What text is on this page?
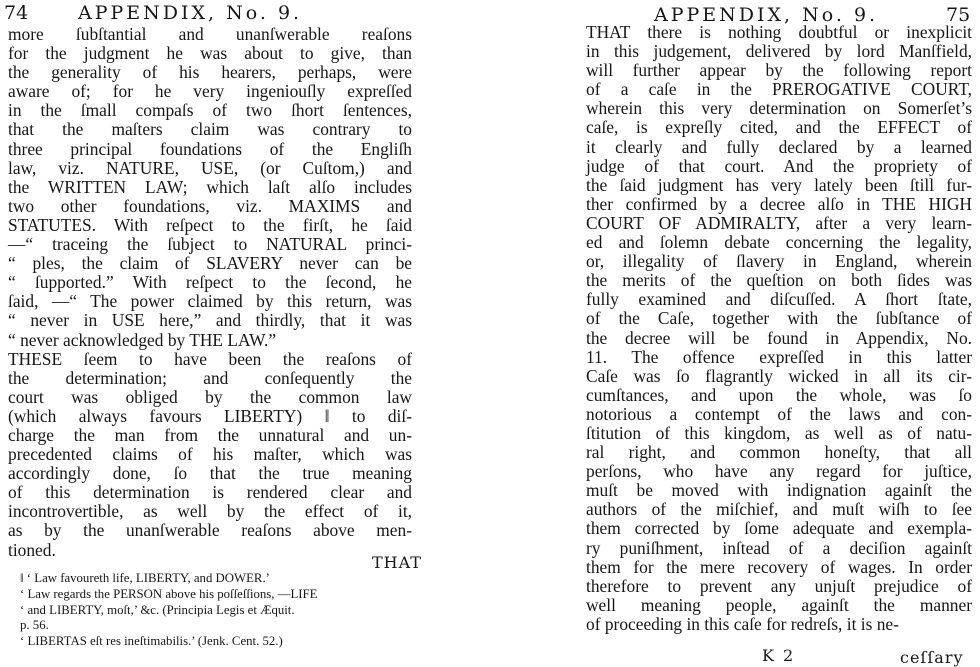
74	APPENDIX, No. 9.
more ſubſtantial and unanſwerable reaſons
for the judgment he was about to give, than
the generality of his hearers, perhaps, were
aware of; for he very ingeniouſly expreſſed
in the ſmall compaſs of two ſhort ſentences,
that the maſters claim was contrary to
three principal foundations of the Engliſh
law, viz. NATURE, USE, (or Cuſtom,) and
the WRITTEN LAW; which laſt alſo includes
two other foundations, viz. MAXIMS and
STATUTES. With reſpect to the firſt, he ſaid
—“ traceing the ſubject to NATURAL princi-
“ ples, the claim of SLAVERY never can be
“ ſupported.” With reſpect to the ſecond, he
ſaid, —“ The power claimed by this return, was
“ never in USE here,” and thirdly, that it was
“ never acknowledged by THE LAW.”
THESE ſeem to have been the reaſons of
the determination; and conſequently the
court was obliged by the common law
(which always favours LIBERTY) ‖ to diſ-
charge the man from the unnatural and un-
precedented claims of his maſter, which was
accordingly done, ſo that the true meaning
of this determination is rendered clear and
incontrovertible, as well by the effect of it,
as by the unanſwerable reaſons above men-
tioned.
THAT
‖ ‘ Law favoureth life, LIBERTY, and DOWER.’
‘ Law regards the PERSON above his poſſeſſions, —LIFE
‘ and LIBERTY, moſt,’ &c. (Principia Legis et Æquit.
p. 56.
‘ LIBERTAS eſt res ineſtimabilis.’ (Jenk. Cent. 52.)
APPENDIX, No. 9.	75
THAT there is nothing doubtful or inexplicit
in this judgement, delivered by lord Manſfield,
will further appear by the following report
of a caſe in the PREROGATIVE COURT,
wherein this very determination on Somerſet’s
caſe, is expreſly cited, and the EFFECT of
it clearly and fully declared by a learned
judge of that court. And the propriety of
the ſaid judgment has very lately been ſtill fur-
ther confirmed by a decree alſo in THE HIGH
COURT OF ADMIRALTY, after a very learn-
ed and ſolemn debate concerning the legality,
or, illegality of ſlavery in England, wherein
the merits of the queſtion on both ſides was
fully examined and diſcuſſed. A ſhort ſtate,
of the Caſe, together with the ſubſtance of
the decree will be found in Appendix, No.
11. The offence expreſſed in this latter
Caſe was ſo flagrantly wicked in all its cir-
cumſtances, and upon the whole, was ſo
notorious a contempt of the laws and con-
ſtitution of this kingdom, as well as of natu-
ral right, and common honeſty, that all
perſons, who have any regard for juſtice,
muſt be moved with indignation againſt the
authors of the miſchief, and muſt wiſh to ſee
them corrected by ſome adequate and exempla-
ry puniſhment, inſtead of a deciſion againſt
them for the mere recovery of wages. In order
therefore to prevent any unjuſt prejudice of
well meaning people, againſt the manner
of proceeding in this caſe for redreſs, it is ne-
K 2	ceſſary
